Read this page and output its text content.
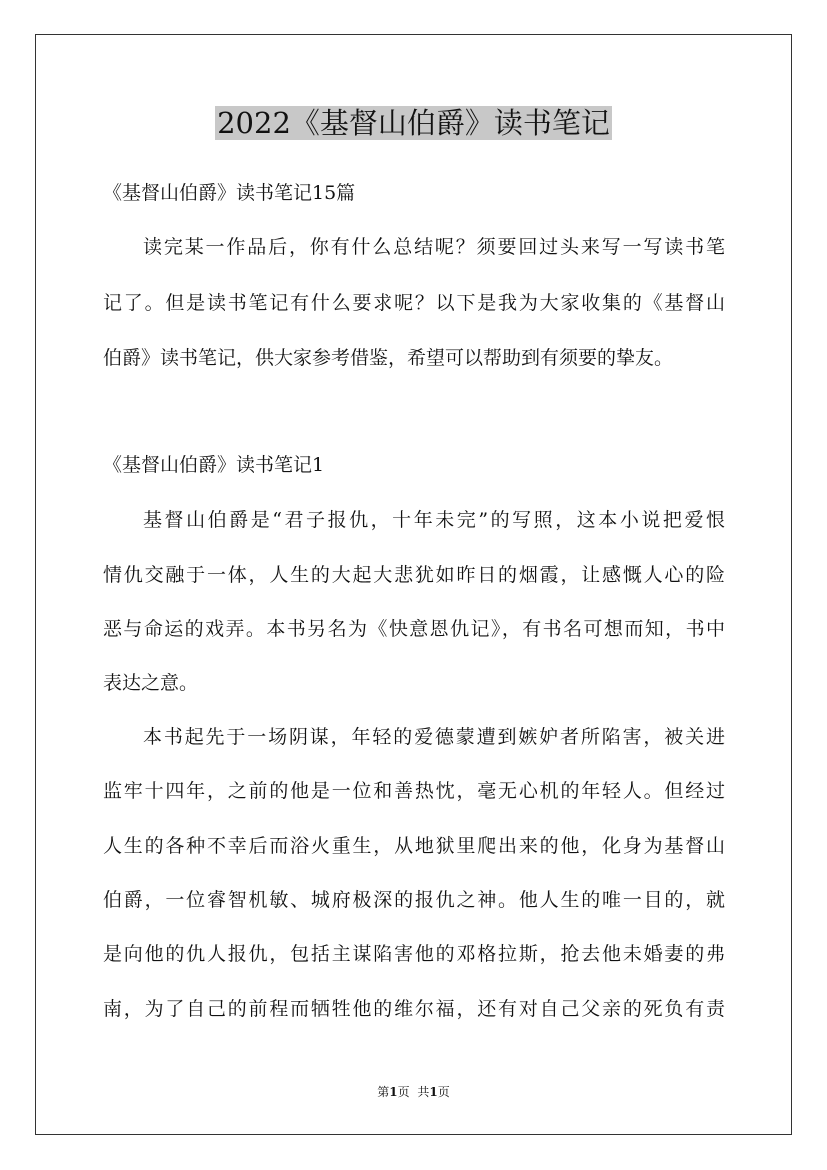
2022《基督山伯爵》读书笔记

《基督山伯爵》读书笔记15篇

读完某一作品后，你有什么总结呢？须要回过头来写一写读书笔

记了。但是读书笔记有什么要求呢？以下是我为大家收集的《基督山

伯爵》读书笔记，供大家参考借鉴，希望可以帮助到有须要的挚友。

《基督山伯爵》读书笔记1

基督山伯爵是“君子报仇，十年未完”的写照，这本小说把爱恨

情仇交融于一体，人生的大起大悲犹如昨日的烟霞，让感慨人心的险

恶与命运的戏弄。本书另名为《快意恩仇记》，有书名可想而知，书中

表达之意。

本书起先于一场阴谋，年轻的爱德蒙遭到嫉妒者所陷害，被关进

监牢十四年，之前的他是一位和善热忱，毫无心机的年轻人。但经过

人生的各种不幸后而浴火重生，从地狱里爬出来的他，化身为基督山

伯爵，一位睿智机敏、城府极深的报仇之神。他人生的唯一目的，就

是向他的仇人报仇，包括主谋陷害他的邓格拉斯，抢去他未婚妻的弗

南，为了自己的前程而牺牲他的维尔福，还有对自己父亲的死负有责

第1页 共1页
